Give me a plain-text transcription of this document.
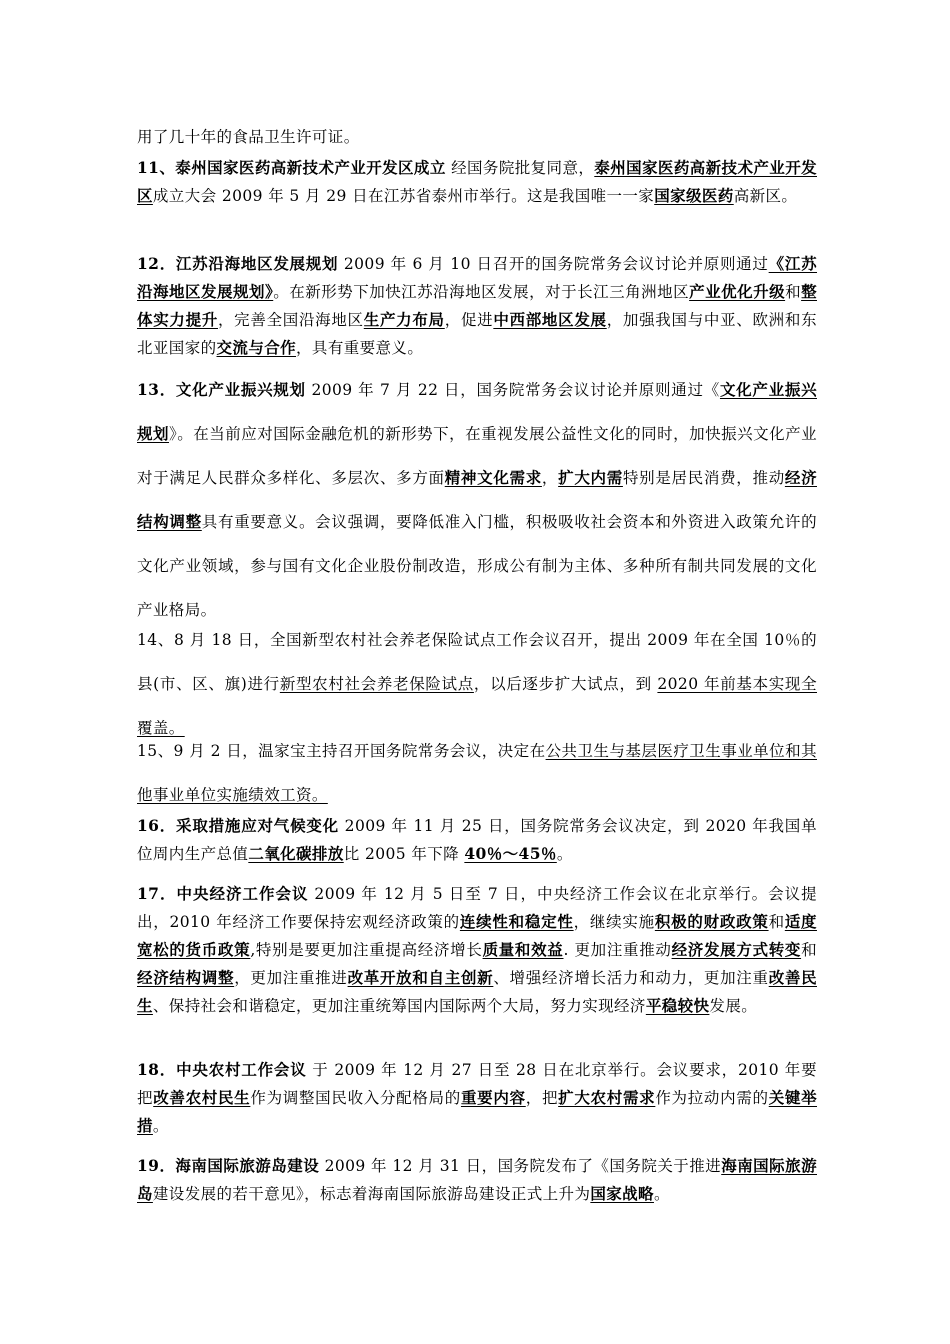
用了几十年的食品卫生许可证。
11、泰州国家医药高新技术产业开发区成立 经国务院批复同意，泰州国家医药高新技术产业开发区成立大会 2009 年 5 月 29 日在江苏省泰州市举行。这是我国唯一一家国家级医药高新区。
12．江苏沿海地区发展规划 2009 年 6 月 10 日召开的国务院常务会议讨论并原则通过《江苏沿海地区发展规划》。在新形势下加快江苏沿海地区发展，对于长江三角洲地区产业优化升级和整体实力提升，完善全国沿海地区生产力布局，促进中西部地区发展，加强我国与中亚、欧洲和东北亚国家的交流与合作，具有重要意义。
13．文化产业振兴规划 2009 年 7 月 22 日，国务院常务会议讨论并原则通过《文化产业振兴规划》。在当前应对国际金融危机的新形势下，在重视发展公益性文化的同时，加快振兴文化产业对于满足人民群众多样化、多层次、多方面精神文化需求，扩大内需特别是居民消费，推动经济结构调整具有重要意义。会议强调，要降低准入门槛，积极吸收社会资本和外资进入政策允许的文化产业领域，参与国有文化企业股份制改造，形成公有制为主体、多种所有制共同发展的文化产业格局。
14、8 月 18 日，全国新型农村社会养老保险试点工作会议召开，提出 2009 年在全国 10％的县(市、区、旗)进行新型农村社会养老保险试点，以后逐步扩大试点，到 2020 年前基本实现全覆盖。
15、9 月 2 日，温家宝主持召开国务院常务会议，决定在公共卫生与基层医疗卫生事业单位和其他事业单位实施绩效工资。
16．采取措施应对气候变化 2009 年 11 月 25 日，国务院常务会议决定，到 2020 年我国单位周内生产总值二氧化碳排放比 2005 年下降 40％～45％。
17．中央经济工作会议 2009 年 12 月 5 日至 7 日，中央经济工作会议在北京举行。会议提出，2010 年经济工作要保持宏观经济政策的连续性和稳定性，继续实施积极的财政政策和适度宽松的货币政策,特别是要更加注重提高经济增长质量和效益. 更加注重推动经济发展方式转变和经济结构调整，更加注重推进改革开放和自主创新、增强经济增长活力和动力，更加注重改善民生、保持社会和谐稳定，更加注重统筹国内国际两个大局，努力实现经济平稳较快发展。
18．中央农村工作会议 于 2009 年 12 月 27 日至 28 日在北京举行。会议要求，2010 年要把改善农村民生作为调整国民收入分配格局的重要内容，把扩大农村需求作为拉动内需的关键举措。
19．海南国际旅游岛建设 2009 年 12 月 31 日，国务院发布了《国务院关于推进海南国际旅游岛建设发展的若干意见》，标志着海南国际旅游岛建设正式上升为国家战略。
